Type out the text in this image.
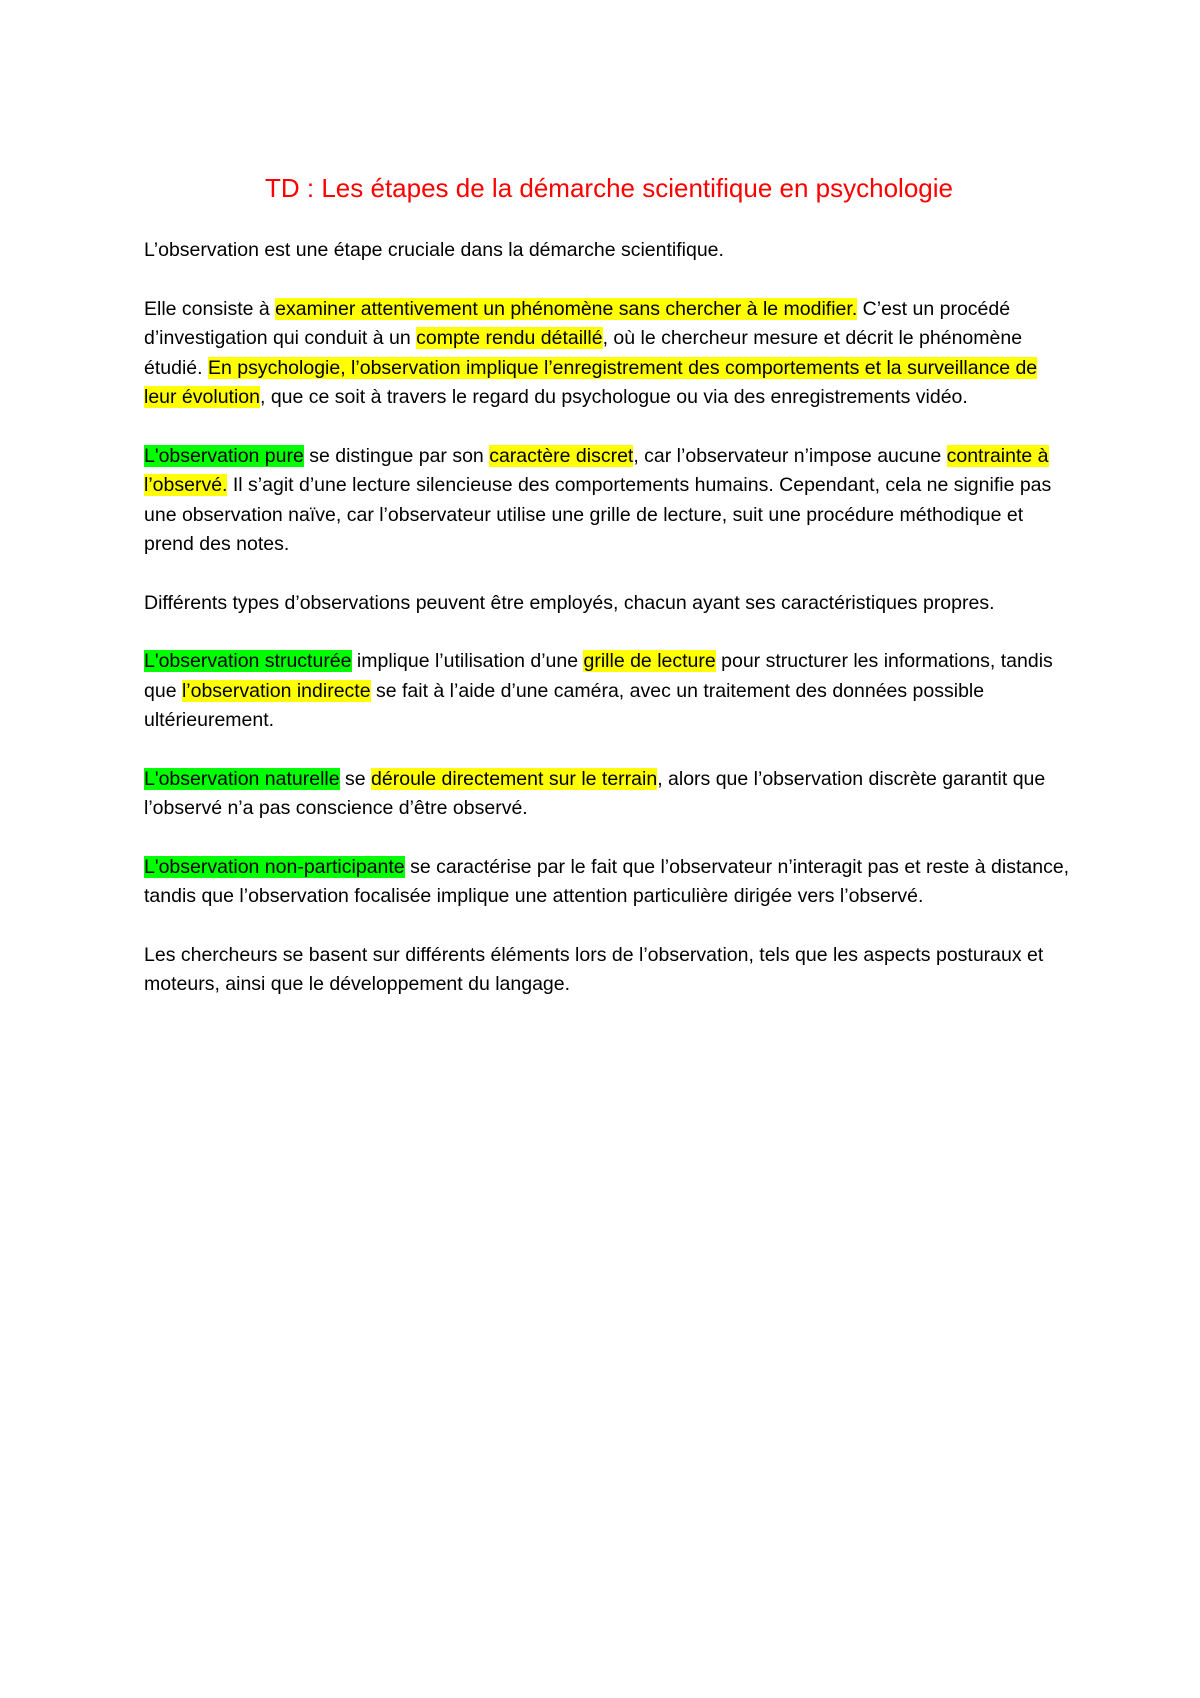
TD : Les étapes de la démarche scientifique en psychologie

L’observation est une étape cruciale dans la démarche scientifique.

Elle consiste à examiner attentivement un phénomène sans chercher à le modifier. C’est un procédé d’investigation qui conduit à un compte rendu détaillé, où le chercheur mesure et décrit le phénomène étudié. En psychologie, l’observation implique l’enregistrement des comportements et la surveillance de leur évolution, que ce soit à travers le regard du psychologue ou via des enregistrements vidéo.

L'observation pure se distingue par son caractère discret, car l’observateur n’impose aucune contrainte à l’observé. Il s’agit d’une lecture silencieuse des comportements humains. Cependant, cela ne signifie pas une observation naïve, car l’observateur utilise une grille de lecture, suit une procédure méthodique et prend des notes.

Différents types d’observations peuvent être employés, chacun ayant ses caractéristiques propres.

L'observation structurée implique l’utilisation d’une grille de lecture pour structurer les informations, tandis que l’observation indirecte se fait à l’aide d’une caméra, avec un traitement des données possible ultérieurement.

L'observation naturelle se déroule directement sur le terrain, alors que l’observation discrète garantit que l’observé n’a pas conscience d’être observé.

L'observation non-participante se caractérise par le fait que l’observateur n’interagit pas et reste à distance, tandis que l’observation focalisée implique une attention particulière dirigée vers l’observé.

Les chercheurs se basent sur différents éléments lors de l’observation, tels que les aspects posturaux et moteurs, ainsi que le développement du langage.
